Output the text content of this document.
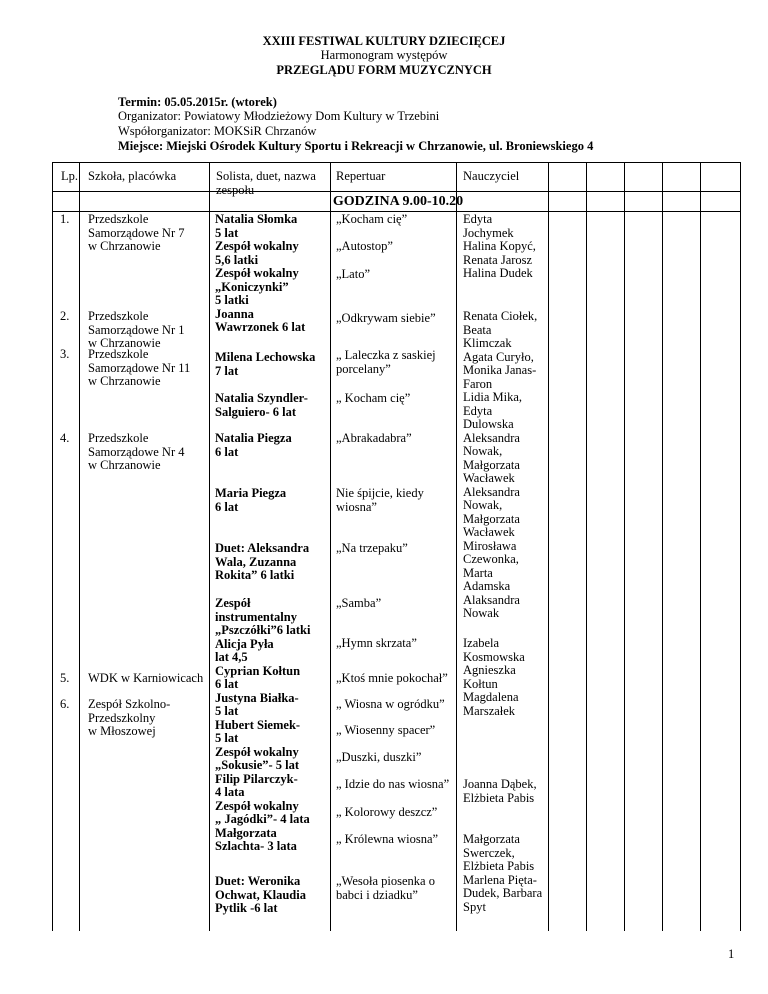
XXIII FESTIWAL KULTURY DZIECIĘCEJ
Harmonogram występów
PRZEGLĄDU FORM MUZYCZNYCH
Termin: 05.05.2015r. (wtorek)
Organizator: Powiatowy Młodzieżowy Dom Kultury w Trzebini
Współorganizator: MOKSiR Chrzanów
Miejsce: Miejski Ośrodek Kultury Sportu i Rekreacji w Chrzanowie, ul. Broniewskiego 4
Lp. Szkoła, placówka	Solista, duet, nazwa
zespołu
Repertuar	Nauczyciel
GODZINA 9.00-10.20
1.
2.
3.
4.
5.
6.
Przedszkole
Samorządowe Nr 7
w Chrzanowie
Przedszkole
Samorządowe Nr 1
w Chrzanowie
Przedszkole
Samorządowe Nr 11
w Chrzanowie
Przedszkole
Samorządowe Nr 4
w Chrzanowie
WDK w Karniowicach
Zespół Szkolno-
Przedszkolny
w Młoszowej
Natalia Słomka
5 lat
Zespół wokalny
5,6 latki
Zespół wokalny
„Koniczynki”
5 latki
Joanna
Wawrzonek 6 lat
Milena Lechowska
7 lat
Natalia Szyndler-
Salguiero- 6 lat
Natalia Piegza
6 lat
Maria Piegza
6 lat
Duet: Aleksandra
Wala, Zuzanna
Rokita” 6 latki
Zespół
instrumentalny
„Pszczółki”6 latki
Alicja Pyła
lat 4,5
Cyprian Kołtun
6 lat
Justyna Białka-
5 lat
Hubert Siemek-
5 lat
Zespół wokalny
„Sokusie”- 5 lat
Filip Pilarczyk-
4 lata
Zespół wokalny
„ Jagódki”- 4 lata
Małgorzata
Szlachta- 3 lata
Duet: Weronika
Ochwat, Klaudia
Pytlik -6 lat
„Kocham cię”
„Autostop”
„Lato”
„Odkrywam siebie”
„ Laleczka z saskiej
porcelany”
„ Kocham cię”
„Abrakadabra”
Nie śpijcie, kiedy
wiosna”
„Na trzepaku”
„Samba”
„Hymn skrzata”
„Ktoś mnie pokochał”
„ Wiosna w ogródku”
„ Wiosenny spacer”
„Duszki, duszki”
„ Idzie do nas wiosna”
„ Kolorowy deszcz”
„ Królewna wiosna”
„Wesoła piosenka o
babci i dziadku”
Edyta
Jochymek
Halina Kopyć,
Renata Jarosz
Halina Dudek
Renata Ciołek,
Beata
Klimczak
Agata Curyło,
Monika Janas-
Faron
Lidia Mika,
Edyta
Dulowska
Aleksandra
Nowak,
Małgorzata
Wacławek
Aleksandra
Nowak,
Małgorzata
Wacławek
Mirosława
Czewonka,
Marta
Adamska
Alaksandra
Nowak
Izabela
Kosmowska
Agnieszka
Kołtun
Magdalena
Marszałek
Joanna Dąbek,
Elżbieta Pabis
Małgorzata
Swerczek,
Elżbieta Pabis
Marlena Pięta-
Dudek, Barbara
Spyt
1
